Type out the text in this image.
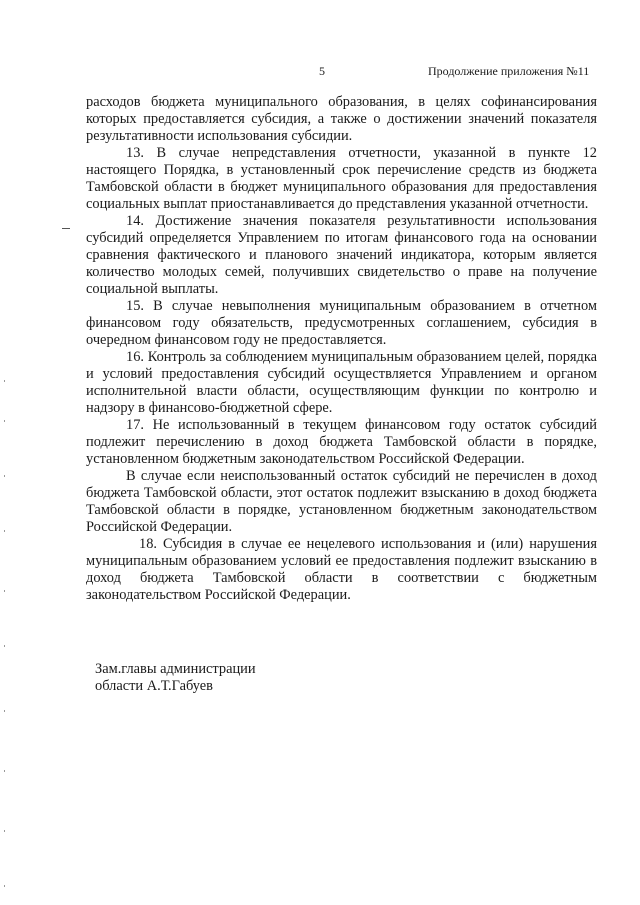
5	Продолжение приложения №11

расходов бюджета муниципального образования, в целях софинансирования которых предоставляется субсидия, а также о достижении значений показателя результативности использования субсидии.

13. В случае непредставления отчетности, указанной в пункте 12 настоящего Порядка, в установленный срок перечисление средств из бюджета Тамбовской области в бюджет муниципального образования для предоставления социальных выплат приостанавливается до представления указанной отчетности.

14. Достижение значения показателя результативности использования субсидий определяется Управлением по итогам финансового года на основании сравнения фактического и планового значений индикатора, которым является количество молодых семей, получивших свидетельство о праве на получение социальной выплаты.

15. В случае невыполнения муниципальным образованием в отчетном финансовом году обязательств, предусмотренных соглашением, субсидия в очередном финансовом году не предоставляется.

16. Контроль за соблюдением муниципальным образованием целей, порядка и условий предоставления субсидий осуществляется Управлением и органом исполнительной власти области, осуществляющим функции по контролю и надзору в финансово-бюджетной сфере.

17. Не использованный в текущем финансовом году остаток субсидий подлежит перечислению в доход бюджета Тамбовской области в порядке, установленном бюджетным законодательством Российской Федерации.

В случае если неиспользованный остаток субсидий не перечислен в доход бюджета Тамбовской области, этот остаток подлежит взысканию в доход бюджета Тамбовской области в порядке, установленном бюджетным законодательством Российской Федерации.

18. Субсидия в случае ее нецелевого использования и (или) нарушения муниципальным образованием условий ее предоставления подлежит взысканию в доход бюджета Тамбовской области в соответствии с бюджетным законодательством Российской Федерации.

Зам.главы администрации
области А.Т.Габуев
